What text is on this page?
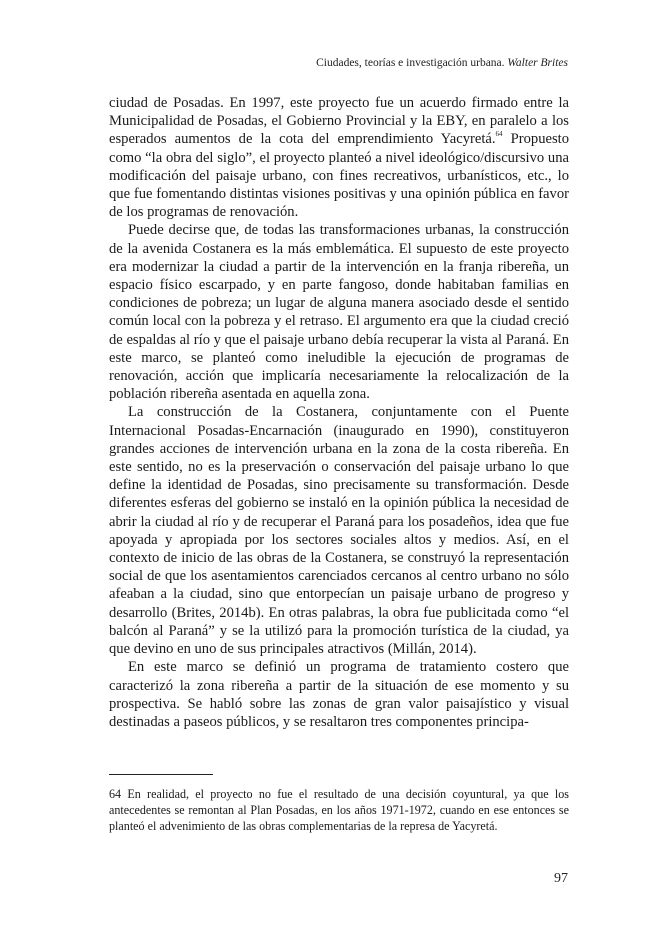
Ciudades, teorías e investigación urbana. Walter Brites

ciudad de Posadas. En 1997, este proyecto fue un acuerdo firmado entre la Municipalidad de Posadas, el Gobierno Provincial y la EBY, en paralelo a los esperados aumentos de la cota del emprendimiento Yacyretá.$^{64}$ Propuesto como “la obra del siglo”, el proyecto planteó a nivel ideológico/discursivo una modificación del paisaje urbano, con fines recreativos, urbanísticos, etc., lo que fue fomentando distintas visiones positivas y una opinión pública en favor de los programas de renovación.

Puede decirse que, de todas las transformaciones urbanas, la construcción de la avenida Costanera es la más emblemática. El supuesto de este proyecto era modernizar la ciudad a partir de la intervención en la franja ribereña, un espacio físico escarpado, y en parte fangoso, donde habitaban familias en condiciones de pobreza; un lugar de alguna manera asociado desde el sentido común local con la pobreza y el retraso. El argumento era que la ciudad creció de espaldas al río y que el paisaje urbano debía recuperar la vista al Paraná. En este marco, se planteó como ineludible la ejecución de programas de renovación, acción que implicaría necesariamente la relocalización de la población ribereña asentada en aquella zona.

La construcción de la Costanera, conjuntamente con el Puente Internacional Posadas-Encarnación (inaugurado en 1990), constituyeron grandes acciones de intervención urbana en la zona de la costa ribereña. En este sentido, no es la preservación o conservación del paisaje urbano lo que define la identidad de Posadas, sino precisamente su transformación. Desde diferentes esferas del gobierno se instaló en la opinión pública la necesidad de abrir la ciudad al río y de recuperar el Paraná para los posadeños, idea que fue apoyada y apropiada por los sectores sociales altos y medios. Así, en el contexto de inicio de las obras de la Costanera, se construyó la representación social de que los asentamientos carenciados cercanos al centro urbano no sólo afeaban a la ciudad, sino que entorpecían un paisaje urbano de progreso y desarrollo (Brites, 2014b). En otras palabras, la obra fue publicitada como “el balcón al Paraná” y se la utilizó para la promoción turística de la ciudad, ya que devino en uno de sus principales atractivos (Millán, 2014).

En este marco se definió un programa de tratamiento costero que caracterizó la zona ribereña a partir de la situación de ese momento y su prospectiva. Se habló sobre las zonas de gran valor paisajístico y visual destinadas a paseos públicos, y se resaltaron tres componentes principa-

64 En realidad, el proyecto no fue el resultado de una decisión coyuntural, ya que los antecedentes se remontan al Plan Posadas, en los años 1971-1972, cuando en ese entonces se planteó el advenimiento de las obras complementarias de la represa de Yacyretá.

97
